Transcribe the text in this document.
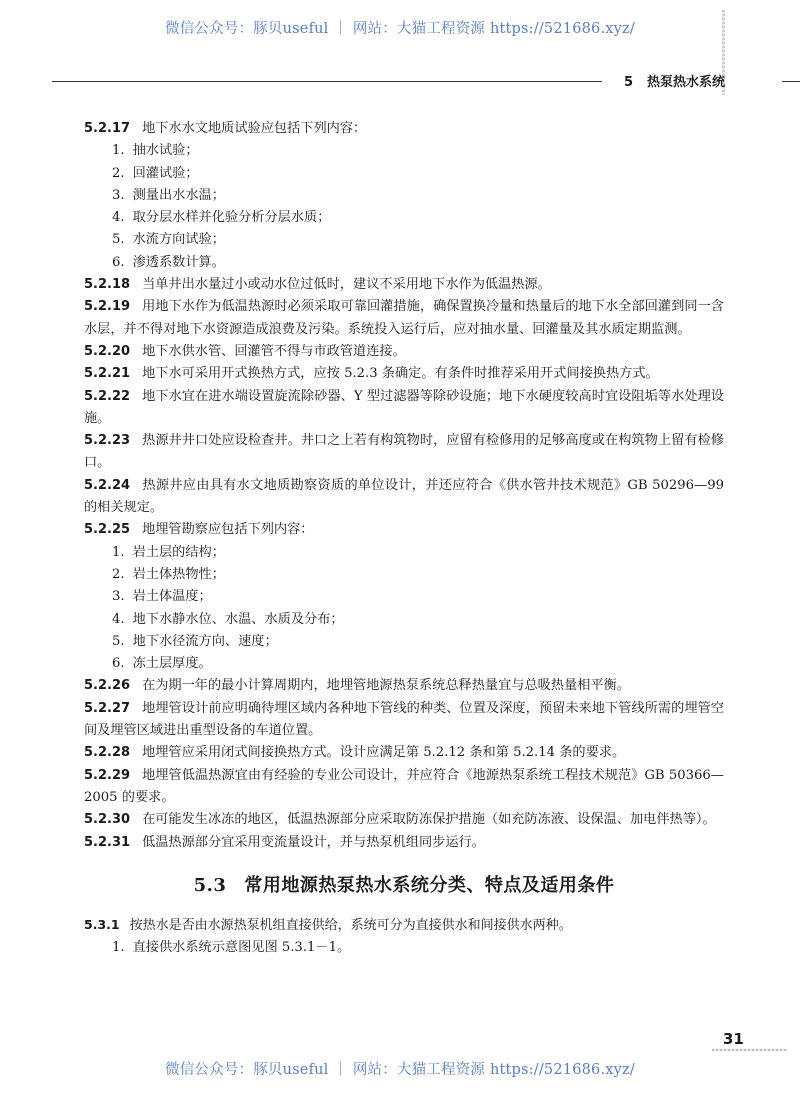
微信公众号：豚贝useful ｜ 网站：大猫工程资源 https://521686.xyz/
5 热泵热水系统

5.2.17 地下水水文地质试验应包括下列内容：

1. 抽水试验；

2. 回灌试验；

3. 测量出水水温；

4. 取分层水样并化验分析分层水质；

5. 水流方向试验；

6. 渗透系数计算。

5.2.18 当单井出水量过小或动水位过低时，建议不采用地下水作为低温热源。

5.2.19 用地下水作为低温热源时必须采取可靠回灌措施，确保置换冷量和热量后的地下水全部回灌到同一含水层，并不得对地下水资源造成浪费及污染。系统投入运行后，应对抽水量、回灌量及其水质定期监测。

5.2.20 地下水供水管、回灌管不得与市政管道连接。

5.2.21 地下水可采用开式换热方式，应按 5.2.3 条确定。有条件时推荐采用开式间接换热方式。

5.2.22 地下水宜在进水端设置旋流除砂器、Y 型过滤器等除砂设施；地下水硬度较高时宜设阻垢等水处理设施。

5.2.23 热源井井口处应设检查井。井口之上若有构筑物时，应留有检修用的足够高度或在构筑物上留有检修口。

5.2.24 热源井应由具有水文地质勘察资质的单位设计，并还应符合《供水管井技术规范》GB 50296—99的相关规定。

5.2.25 地埋管勘察应包括下列内容：

1. 岩土层的结构；

2. 岩土体热物性；

3. 岩土体温度；

4. 地下水静水位、水温、水质及分布；

5. 地下水径流方向、速度；

6. 冻土层厚度。

5.2.26 在为期一年的最小计算周期内，地埋管地源热泵系统总释热量宜与总吸热量相平衡。

5.2.27 地埋管设计前应明确待埋区域内各种地下管线的种类、位置及深度，预留未来地下管线所需的埋管空间及埋管区域进出重型设备的车道位置。

5.2.28 地埋管应采用闭式间接换热方式。设计应满足第 5.2.12 条和第 5.2.14 条的要求。

5.2.29 地埋管低温热源宜由有经验的专业公司设计，并应符合《地源热泵系统工程技术规范》GB 50366—2005 的要求。

5.2.30 在可能发生冰冻的地区，低温热源部分应采取防冻保护措施（如充防冻液、设保温、加电伴热等）。

5.2.31 低温热源部分宜采用变流量设计，并与热泵机组同步运行。

5.3 常用地源热泵热水系统分类、特点及适用条件

5.3.1 按热水是否由水源热泵机组直接供给，系统可分为直接供水和间接供水两种。

1. 直接供水系统示意图见图 5.3.1－1。

31
微信公众号：豚贝useful ｜ 网站：大猫工程资源 https://521686.xyz/
